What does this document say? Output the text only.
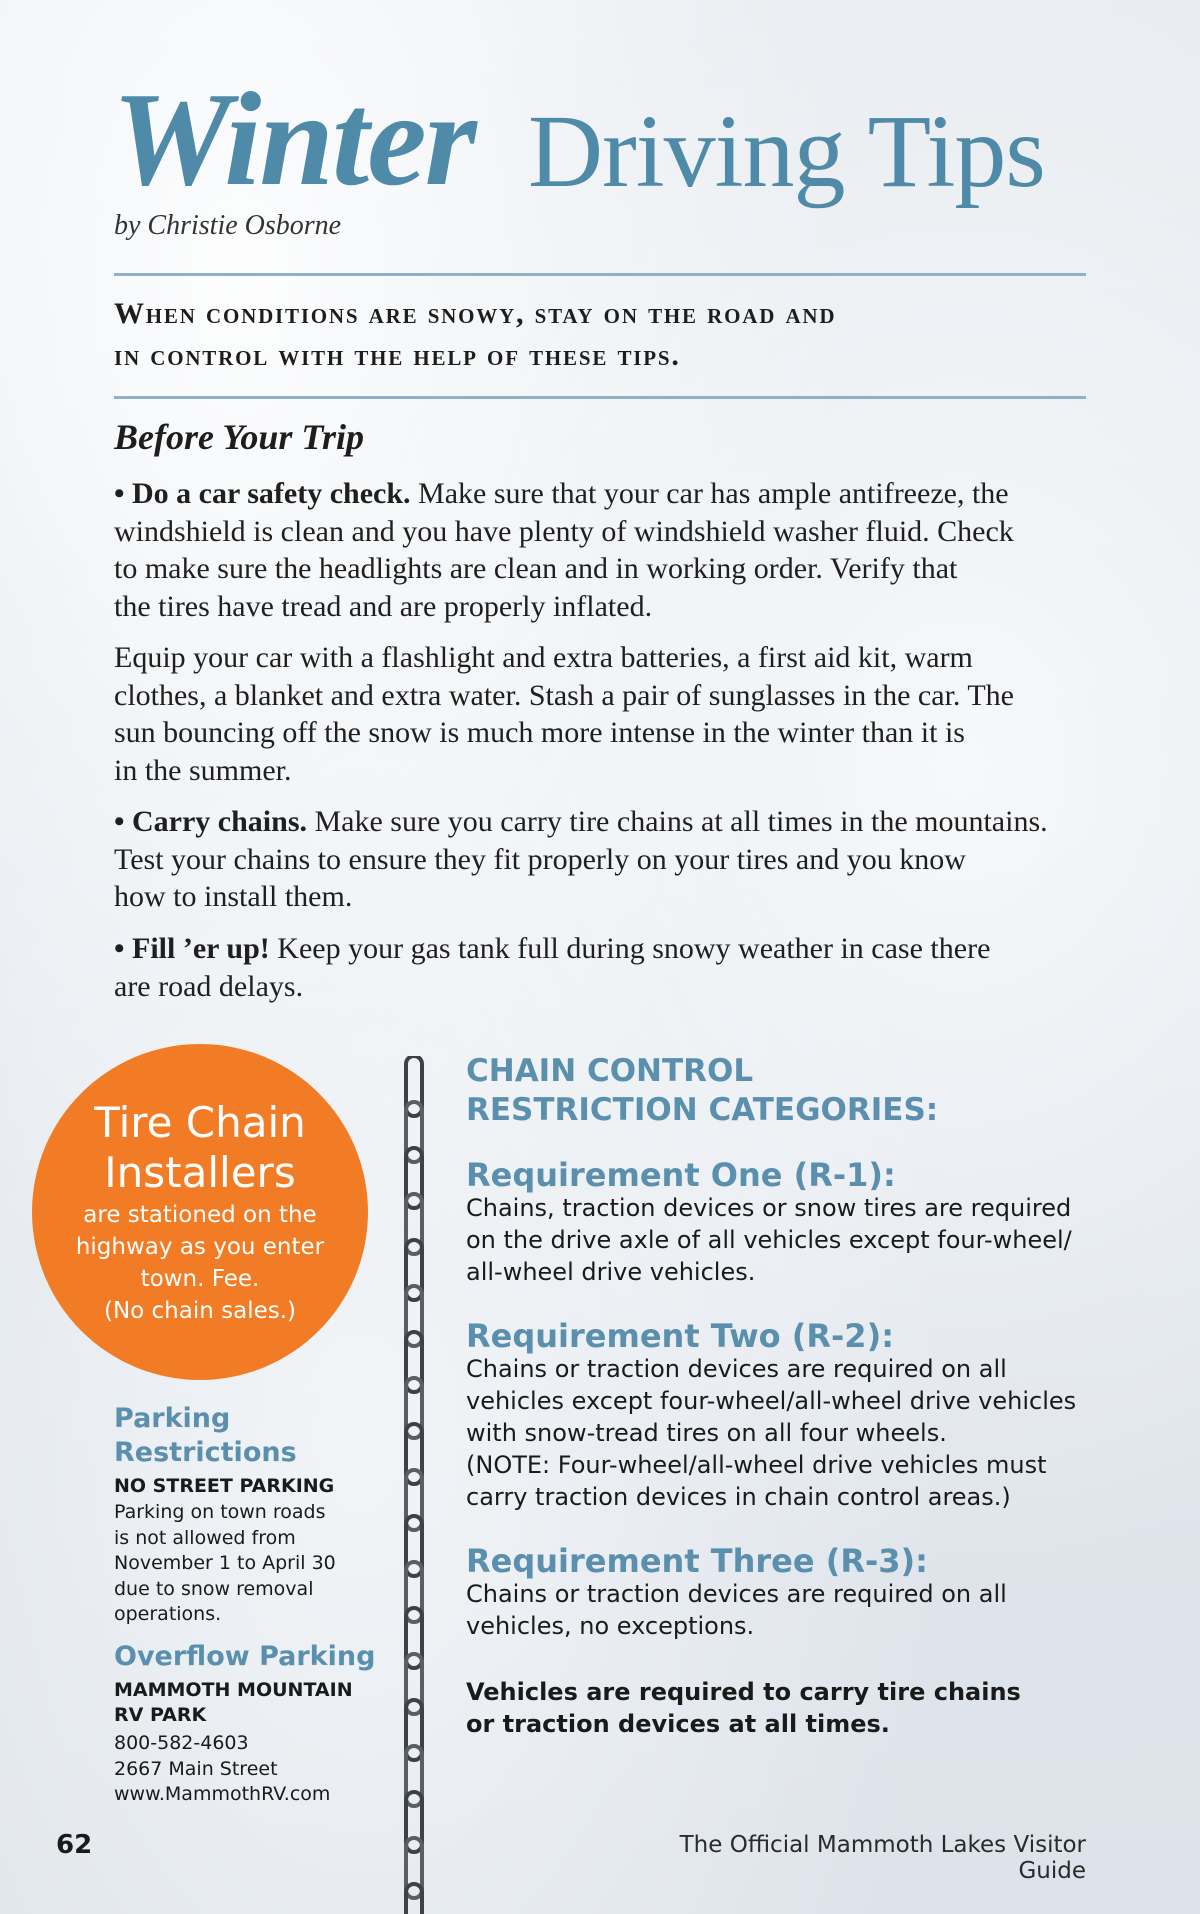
Winter Driving Tips
by Christie Osborne
When conditions are snowy, stay on the road and
in control with the help of these tips.
Before Your Trip
• Do a car safety check. Make sure that your car has ample antifreeze, the
windshield is clean and you have plenty of windshield washer fluid. Check
to make sure the headlights are clean and in working order. Verify that
the tires have tread and are properly inflated.
Equip your car with a flashlight and extra batteries, a first aid kit, warm
clothes, a blanket and extra water. Stash a pair of sunglasses in the car. The
sun bouncing off the snow is much more intense in the winter than it is
in the summer.
• Carry chains. Make sure you carry tire chains at all times in the mountains.
Test your chains to ensure they fit properly on your tires and you know
how to install them.
• Fill ’er up! Keep your gas tank full during snowy weather in case there
are road delays.
Tire Chain
Installers
are stationed on the
highway as you enter
town. Fee.
(No chain sales.)
Parking
Restrictions
NO STREET PARKING
Parking on town roads
is not allowed from
November 1 to April 30
due to snow removal
operations.
Overflow Parking
MAMMOTH MOUNTAIN
RV PARK
800-582-4603
2667 Main Street
www.MammothRV.com
CHAIN CONTROL
RESTRICTION CATEGORIES:
Requirement One (R-1):
Chains, traction devices or snow tires are required
on the drive axle of all vehicles except four-wheel/
all-wheel drive vehicles.
Requirement Two (R-2):
Chains or traction devices are required on all
vehicles except four-wheel/all-wheel drive vehicles
with snow-tread tires on all four wheels.
(NOTE: Four-wheel/all-wheel drive vehicles must
carry traction devices in chain control areas.)
Requirement Three (R-3):
Chains or traction devices are required on all
vehicles, no exceptions.
Vehicles are required to carry tire chains
or traction devices at all times.
62	The Official Mammoth Lakes Visitor Guide
